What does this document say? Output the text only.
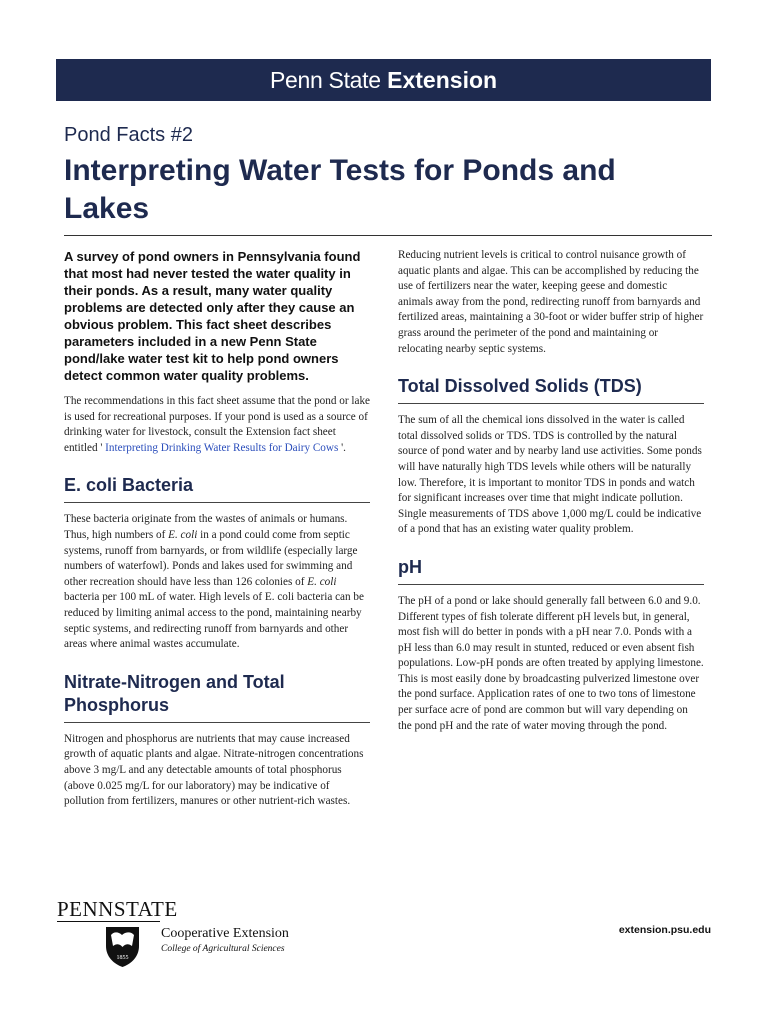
Penn State Extension
Pond Facts #2
Interpreting Water Tests for Ponds and Lakes

A survey of pond owners in Pennsylvania found that most had never tested the water quality in their ponds. As a result, many water quality problems are detected only after they cause an obvious problem. This fact sheet describes parameters included in a new Penn State pond/lake water test kit to help pond owners detect common water quality problems.

The recommendations in this fact sheet assume that the pond or lake is used for recreational purposes. If your pond is used as a source of drinking water for livestock, consult the Extension fact sheet entitled ' Interpreting Drinking Water Results for Dairy Cows '.

E. coli Bacteria

These bacteria originate from the wastes of animals or humans. Thus, high numbers of E. coli in a pond could come from septic systems, runoff from barnyards, or from wildlife (especially large numbers of waterfowl). Ponds and lakes used for swimming and other recreation should have less than 126 colonies of E. coli bacteria per 100 mL of water. High levels of E. coli bacteria can be reduced by limiting animal access to the pond, maintaining nearby septic systems, and redirecting runoff from barnyards and other areas where animal wastes accumulate.

Nitrate-Nitrogen and Total Phosphorus

Nitrogen and phosphorus are nutrients that may cause increased growth of aquatic plants and algae. Nitrate-nitrogen concentrations above 3 mg/L and any detectable amounts of total phosphorus (above 0.025 mg/L for our laboratory) may be indicative of pollution from fertilizers, manures or other nutrient-rich wastes.

Reducing nutrient levels is critical to control nuisance growth of aquatic plants and algae. This can be accomplished by reducing the use of fertilizers near the water, keeping geese and domestic animals away from the pond, redirecting runoff from barnyards and fertilized areas, maintaining a 30-foot or wider buffer strip of higher grass around the perimeter of the pond and maintaining or relocating nearby septic systems.

Total Dissolved Solids (TDS)

The sum of all the chemical ions dissolved in the water is called total dissolved solids or TDS. TDS is controlled by the natural source of pond water and by nearby land use activities. Some ponds will have naturally high TDS levels while others will be naturally low. Therefore, it is important to monitor TDS in ponds and watch for significant increases over time that might indicate pollution. Single measurements of TDS above 1,000 mg/L could be indicative of a pond that has an existing water quality problem.

pH

The pH of a pond or lake should generally fall between 6.0 and 9.0. Different types of fish tolerate different pH levels but, in general, most fish will do better in ponds with a pH near 7.0. Ponds with a pH less than 6.0 may result in stunted, reduced or even absent fish populations. Low-pH ponds are often treated by applying limestone. This is most easily done by broadcasting pulverized limestone over the pond surface. Application rates of one to two tons of limestone per surface acre of pond are common but will vary depending on the pond pH and the rate of water moving through the pond.

PENNSTATE
1855
Cooperative Extension
College of Agricultural Sciences
extension.psu.edu
